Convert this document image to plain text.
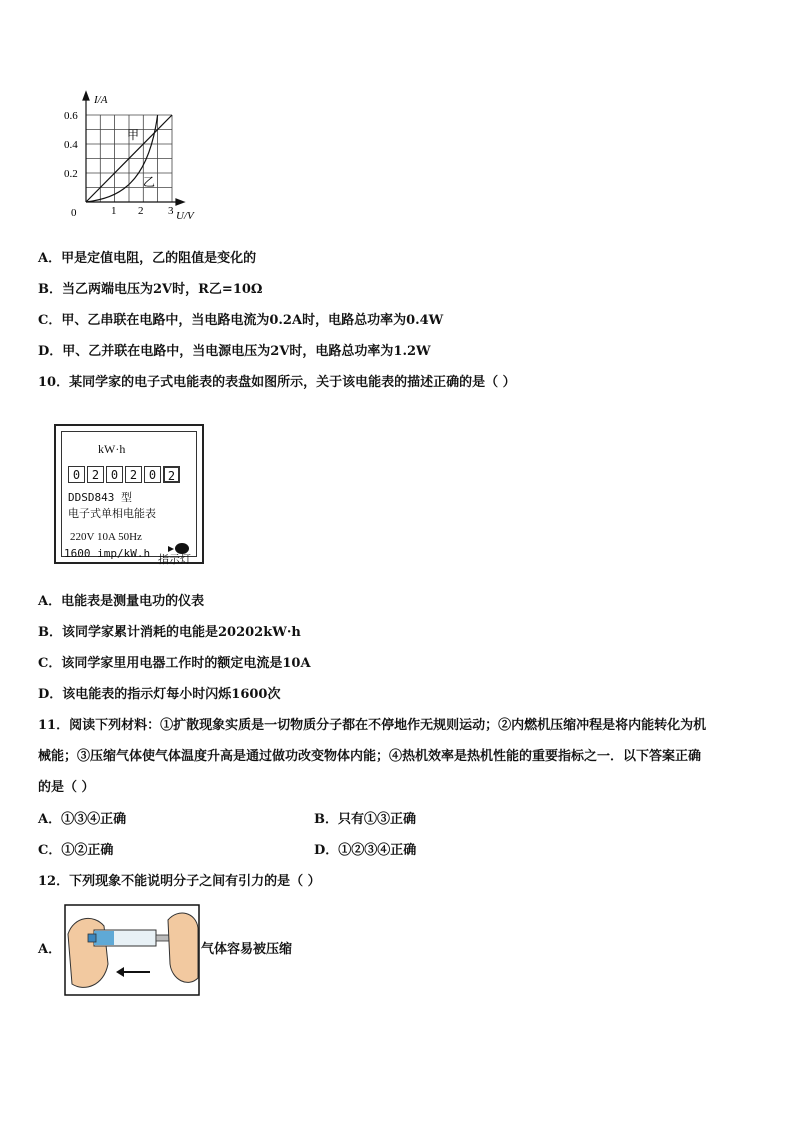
I/A
U/V
0
0.6
0.4
0.2
1 2 3
甲
乙
A．甲是定值电阻，乙的阻值是变化的
B．当乙两端电压为2V时，R乙=10Ω
C．甲、乙串联在电路中，当电路电流为0.2A时，电路总功率为0.4W
D．甲、乙并联在电路中，当电源电压为2V时，电路总功率为1.2W
10．某同学家的电子式电能表的表盘如图所示，关于该电能表的描述正确的是（ ）
kW·h
0 2 0 2 0 2
DDSD843 型
电子式单相电能表
220V 10A 50Hz
1600 imp/kW.h 指示灯
A．电能表是测量电功的仪表
B．该同学家累计消耗的电能是20202kW·h
C．该同学家里用电器工作时的额定电流是10A
D．该电能表的指示灯每小时闪烁1600次
11．阅读下列材料：①扩散现象实质是一切物质分子都在不停地作无规则运动；②内燃机压缩冲程是将内能转化为机
械能；③压缩气体使气体温度升高是通过做功改变物体内能；④热机效率是热机性能的重要指标之一．以下答案正确
的是（ ）
A．①③④正确	B．只有①③正确
C．①②正确	D．①②③④正确
12．下列现象不能说明分子之间有引力的是（ ）
A．	气体容易被压缩
